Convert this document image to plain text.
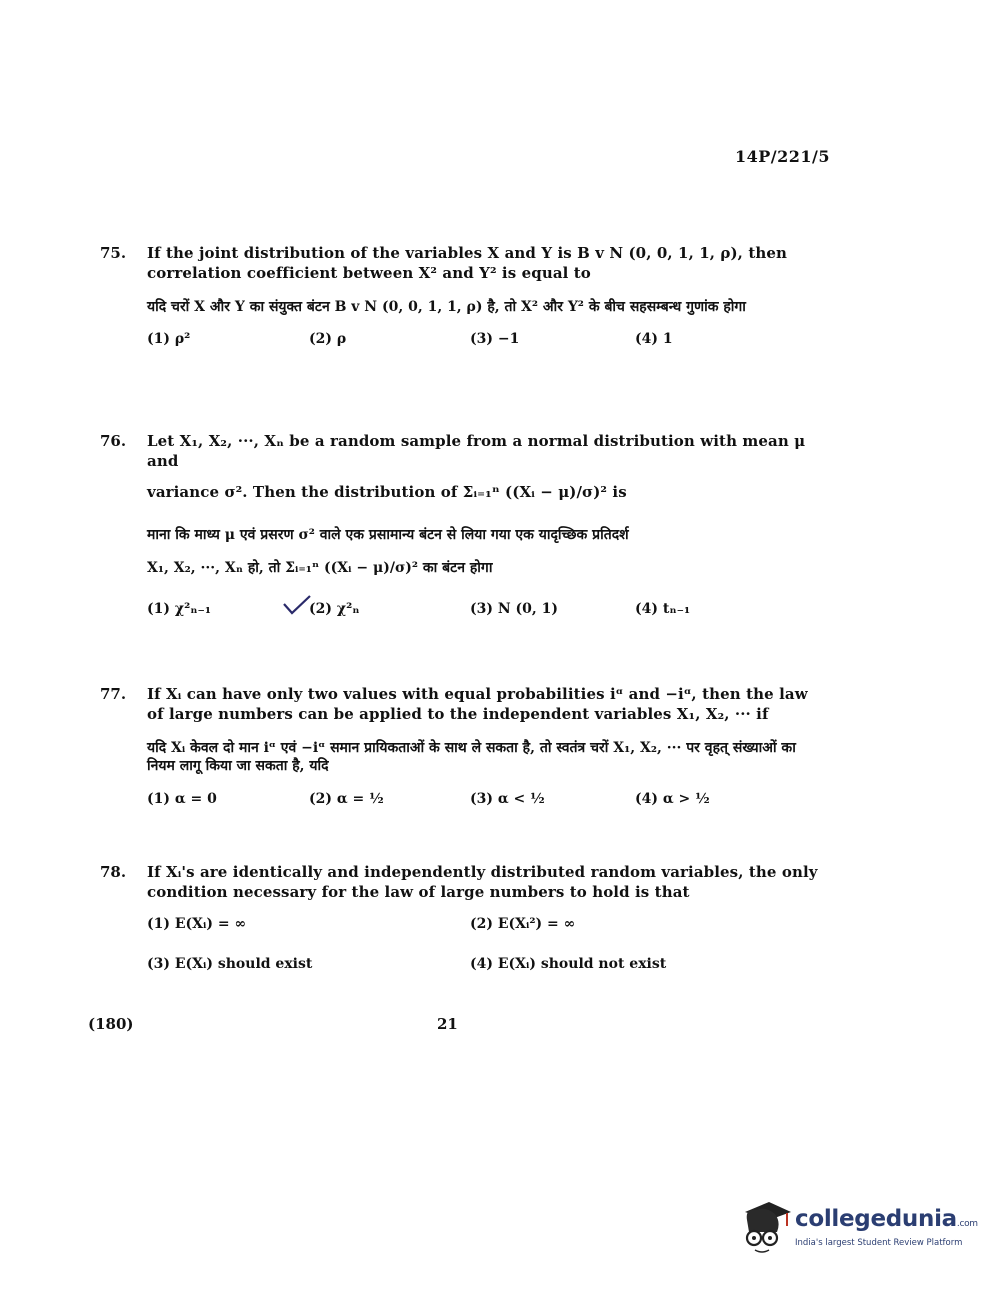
14P/221/5
75. If the joint distribution of the variables X and Y is B v N (0, 0, 1, 1, ρ), then correlation coefficient between X² and Y² is equal to
यदि चरों X और Y का संयुक्त बंटन B v N (0, 0, 1, 1, ρ) है, तो X² और Y² के बीच सहसम्बन्ध गुणांक होगा
(1) ρ²	(2) ρ	(3) −1	(4) 1
76. Let X₁, X₂, ···, Xₙ be a random sample from a normal distribution with mean μ and
variance σ². Then the distribution of Σᵢ₌₁ⁿ ((Xᵢ − μ)/σ)² is
माना कि माध्य μ एवं प्रसरण σ² वाले एक प्रसामान्य बंटन से लिया गया एक यादृच्छिक प्रतिदर्श
X₁, X₂, ···, Xₙ हो, तो Σᵢ₌₁ⁿ ((Xᵢ − μ)/σ)² का बंटन होगा
(1) χ²ₙ₋₁	(2) χ²ₙ	(3) N (0, 1)	(4) tₙ₋₁
77. If Xᵢ can have only two values with equal probabilities iᵅ and −iᵅ, then the law of large numbers can be applied to the independent variables X₁, X₂, ··· if
यदि Xᵢ केवल दो मान iᵅ एवं −iᵅ समान प्रायिकताओं के साथ ले सकता है, तो स्वतंत्र चरों X₁, X₂, ··· पर वृहत् संख्याओं का नियम लागू किया जा सकता है, यदि
(1) α = 0	(2) α = ½	(3) α < ½	(4) α > ½
78. If Xᵢ's are identically and independently distributed random variables, the only condition necessary for the law of large numbers to hold is that
(1) E(Xᵢ) = ∞	(2) E(Xᵢ²) = ∞
(3) E(Xᵢ) should exist	(4) E(Xᵢ) should not exist
(180)	21
collegedunia.com
India's largest Student Review Platform
